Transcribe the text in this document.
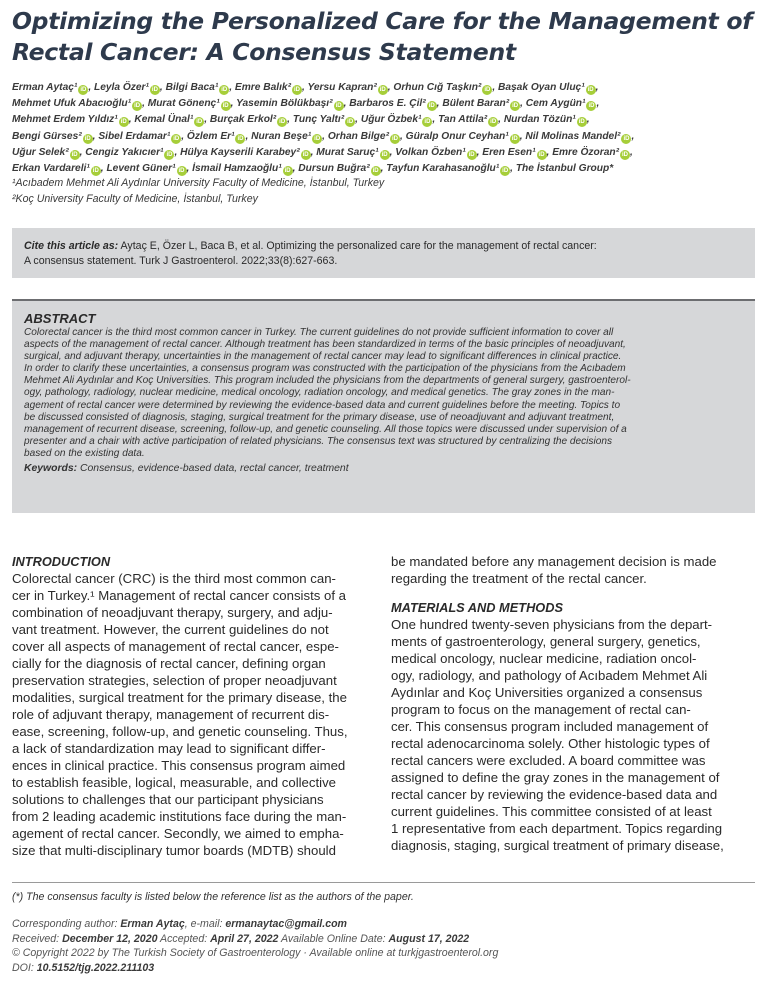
Optimizing the Personalized Care for the Management of
Rectal Cancer: A Consensus Statement
Erman Aytaç¹ iD , Leyla Özer¹ iD , Bilgi Baca¹ iD , Emre Balık² iD , Yersu Kapran² iD , Orhun Cığ Taşkın² iD , Başak Oyan Uluç¹ iD ,
Mehmet Ufuk Abacıoğlu¹ iD , Murat Gönenç¹ iD , Yasemin Bölükbaşı² iD , Barbaros E. Çil² iD , Bülent Baran² iD , Cem Aygün¹ iD ,
Mehmet Erdem Yıldız¹ iD , Kemal Ünal¹ iD , Burçak Erkol² iD , Tunç Yaltı² iD , Uğur Özbek¹ iD , Tan Attila² iD , Nurdan Tözün¹ iD ,
Bengi Gürses² iD , Sibel Erdamar¹ iD , Özlem Er¹ iD , Nuran Beşe¹ iD , Orhan Bilge² iD , Güralp Onur Ceyhan¹ iD , Nil Molinas Mandel² iD ,
Uğur Selek² iD , Cengiz Yakıcıer¹ iD , Hülya Kayserili Karabey² iD , Murat Saruç¹ iD , Volkan Özben¹ iD , Eren Esen¹ iD , Emre Özoran² iD ,
Erkan Vardareli¹ iD , Levent Güner¹ iD , İsmail Hamzaoğlu¹ iD , Dursun Buğra² iD , Tayfun Karahasanoğlu¹ iD , The İstanbul Group*
¹Acıbadem Mehmet Ali Aydınlar University Faculty of Medicine, İstanbul, Turkey
²Koç University Faculty of Medicine, İstanbul, Turkey
Cite this article as: Aytaç E, Özer L, Baca B, et al. Optimizing the personalized care for the management of rectal cancer:
A consensus statement. Turk J Gastroenterol. 2022;33(8):627-663.
ABSTRACT
Colorectal cancer is the third most common cancer in Turkey. The current guidelines do not provide sufficient information to cover all
aspects of the management of rectal cancer. Although treatment has been standardized in terms of the basic principles of neoadjuvant,
surgical, and adjuvant therapy, uncertainties in the management of rectal cancer may lead to significant differences in clinical practice.
In order to clarify these uncertainties, a consensus program was constructed with the participation of the physicians from the Acıbadem
Mehmet Ali Aydınlar and Koç Universities. This program included the physicians from the departments of general surgery, gastroenterol-
ogy, pathology, radiology, nuclear medicine, medical oncology, radiation oncology, and medical genetics. The gray zones in the man-
agement of rectal cancer were determined by reviewing the evidence-based data and current guidelines before the meeting. Topics to
be discussed consisted of diagnosis, staging, surgical treatment for the primary disease, use of neoadjuvant and adjuvant treatment,
management of recurrent disease, screening, follow-up, and genetic counseling. All those topics were discussed under supervision of a
presenter and a chair with active participation of related physicians. The consensus text was structured by centralizing the decisions
based on the existing data.
Keywords: Consensus, evidence-based data, rectal cancer, treatment
INTRODUCTION
Colorectal cancer (CRC) is the third most common can-
cer in Turkey.¹ Management of rectal cancer consists of a
combination of neoadjuvant therapy, surgery, and adju-
vant treatment. However, the current guidelines do not
cover all aspects of management of rectal cancer, espe-
cially for the diagnosis of rectal cancer, defining organ
preservation strategies, selection of proper neoadjuvant
modalities, surgical treatment for the primary disease, the
role of adjuvant therapy, management of recurrent dis-
ease, screening, follow-up, and genetic counseling. Thus,
a lack of standardization may lead to significant differ-
ences in clinical practice. This consensus program aimed
to establish feasible, logical, measurable, and collective
solutions to challenges that our participant physicians
from 2 leading academic institutions face during the man-
agement of rectal cancer. Secondly, we aimed to empha-
size that multi-disciplinary tumor boards (MDTB) should
be mandated before any management decision is made
regarding the treatment of the rectal cancer.
MATERIALS AND METHODS
One hundred twenty-seven physicians from the depart-
ments of gastroenterology, general surgery, genetics,
medical oncology, nuclear medicine, radiation oncol-
ogy, radiology, and pathology of Acıbadem Mehmet Ali
Aydınlar and Koç Universities organized a consensus
program to focus on the management of rectal can-
cer. This consensus program included management of
rectal adenocarcinoma solely. Other histologic types of
rectal cancers were excluded. A board committee was
assigned to define the gray zones in the management of
rectal cancer by reviewing the evidence-based data and
current guidelines. This committee consisted of at least
1 representative from each department. Topics regarding
diagnosis, staging, surgical treatment of primary disease,
(*) The consensus faculty is listed below the reference list as the authors of the paper.
Corresponding author: Erman Aytaç, e-mail: ermanaytac@gmail.com
Received: December 12, 2020 Accepted: April 27, 2022 Available Online Date: August 17, 2022
© Copyright 2022 by The Turkish Society of Gastroenterology · Available online at turkjgastroenterol.org
DOI: 10.5152/tjg.2022.211103
